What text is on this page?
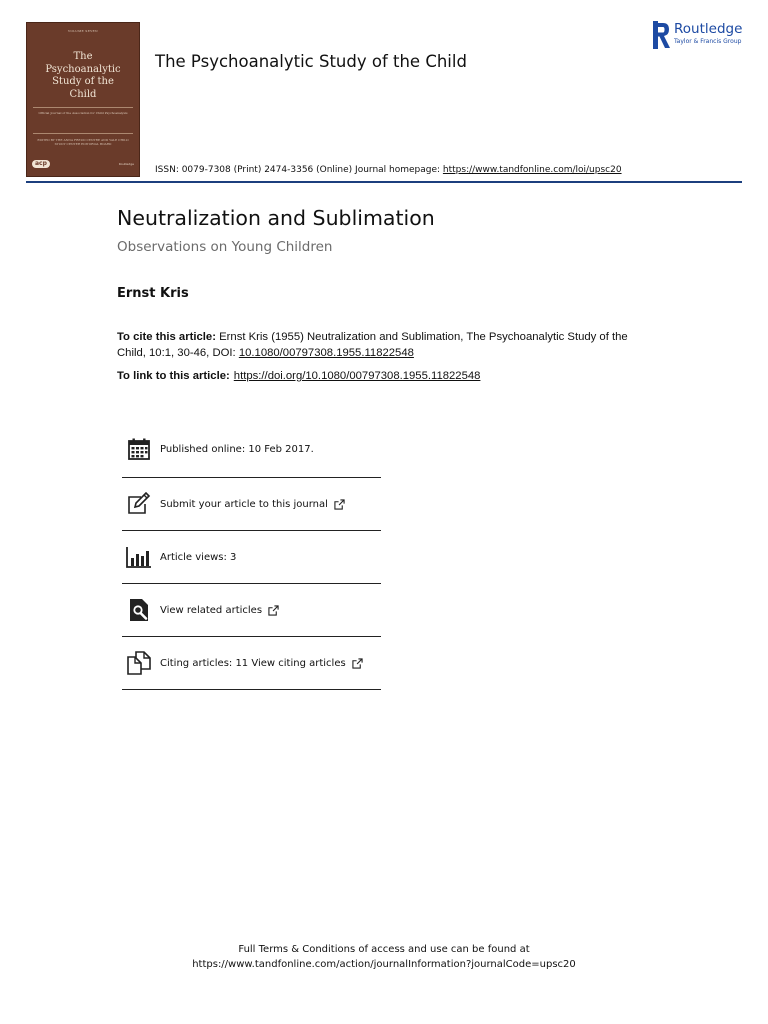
VOLUME SEVEN
The
Psychoanalytic
Study of the
Child
Official Journal of the Association for Child Psychoanalysis
EDITED BY THE ANNA FREUD CENTRE AND YALE CHILD STUDY CENTER EDITORIAL BOARD
acp	Routledge
The Psychoanalytic Study of the Child
ISSN: 0079-7308 (Print) 2474-3356 (Online) Journal homepage: https://www.tandfonline.com/loi/upsc20
Routledge
Taylor & Francis Group
Neutralization and Sublimation
Observations on Young Children
Ernst Kris
To cite this article: Ernst Kris (1955) Neutralization and Sublimation, The Psychoanalytic Study of the Child, 10:1, 30-46, DOI: 10.1080/00797308.1955.11822548
To link to this article: https://doi.org/10.1080/00797308.1955.11822548
Published online: 10 Feb 2017.
Submit your article to this journal
Article views: 3
View related articles
Citing articles: 11 View citing articles
Full Terms & Conditions of access and use can be found at
https://www.tandfonline.com/action/journalInformation?journalCode=upsc20
